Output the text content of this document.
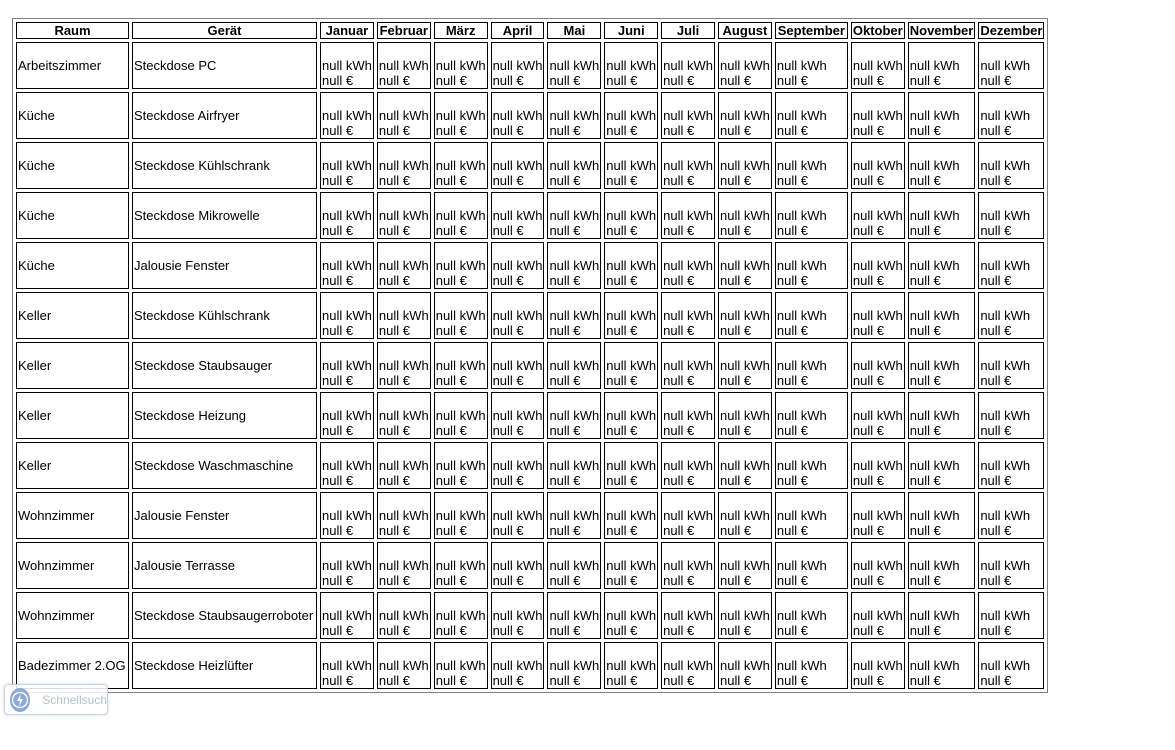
Raum	Gerät	Januar	Februar	März	April	Mai	Juni	Juli	August	September	Oktober	November	Dezember
Arbeitszimmer	Steckdose PC	null kWh
null €	null kWh
null €	null kWh
null €	null kWh
null €	null kWh
null €	null kWh
null €	null kWh
null €	null kWh
null €	null kWh
null €	null kWh
null €	null kWh
null €	null kWh
null €

Küche	Steckdose Airfryer	null kWh
null €	null kWh
null €	null kWh
null €	null kWh
null €	null kWh
null €	null kWh
null €	null kWh
null €	null kWh
null €	null kWh
null €	null kWh
null €	null kWh
null €	null kWh
null €

Küche	Steckdose Kühlschrank	null kWh
null €	null kWh
null €	null kWh
null €	null kWh
null €	null kWh
null €	null kWh
null €	null kWh
null €	null kWh
null €	null kWh
null €	null kWh
null €	null kWh
null €	null kWh
null €

Küche	Steckdose Mikrowelle	null kWh
null €	null kWh
null €	null kWh
null €	null kWh
null €	null kWh
null €	null kWh
null €	null kWh
null €	null kWh
null €	null kWh
null €	null kWh
null €	null kWh
null €	null kWh
null €

Küche	Jalousie Fenster	null kWh
null €	null kWh
null €	null kWh
null €	null kWh
null €	null kWh
null €	null kWh
null €	null kWh
null €	null kWh
null €	null kWh
null €	null kWh
null €	null kWh
null €	null kWh
null €

Keller	Steckdose Kühlschrank	null kWh
null €	null kWh
null €	null kWh
null €	null kWh
null €	null kWh
null €	null kWh
null €	null kWh
null €	null kWh
null €	null kWh
null €	null kWh
null €	null kWh
null €	null kWh
null €

Keller	Steckdose Staubsauger	null kWh
null €	null kWh
null €	null kWh
null €	null kWh
null €	null kWh
null €	null kWh
null €	null kWh
null €	null kWh
null €	null kWh
null €	null kWh
null €	null kWh
null €	null kWh
null €

Keller	Steckdose Heizung	null kWh
null €	null kWh
null €	null kWh
null €	null kWh
null €	null kWh
null €	null kWh
null €	null kWh
null €	null kWh
null €	null kWh
null €	null kWh
null €	null kWh
null €	null kWh
null €

Keller	Steckdose Waschmaschine	null kWh
null €	null kWh
null €	null kWh
null €	null kWh
null €	null kWh
null €	null kWh
null €	null kWh
null €	null kWh
null €	null kWh
null €	null kWh
null €	null kWh
null €	null kWh
null €

Wohnzimmer	Jalousie Fenster	null kWh
null €	null kWh
null €	null kWh
null €	null kWh
null €	null kWh
null €	null kWh
null €	null kWh
null €	null kWh
null €	null kWh
null €	null kWh
null €	null kWh
null €	null kWh
null €

Wohnzimmer	Jalousie Terrasse	null kWh
null €	null kWh
null €	null kWh
null €	null kWh
null €	null kWh
null €	null kWh
null €	null kWh
null €	null kWh
null €	null kWh
null €	null kWh
null €	null kWh
null €	null kWh
null €

Wohnzimmer	Steckdose Staubsaugerroboter	null kWh
null €	null kWh
null €	null kWh
null €	null kWh
null €	null kWh
null €	null kWh
null €	null kWh
null €	null kWh
null €	null kWh
null €	null kWh
null €	null kWh
null €	null kWh
null €

Badezimmer 2.OG	Steckdose Heizlüfter	null kWh
null €	null kWh
null €	null kWh
null €	null kWh
null €	null kWh
null €	null kWh
null €	null kWh
null €	null kWh
null €	null kWh
null €	null kWh
null €	null kWh
null €	null kWh
null €
Schnellsuch
